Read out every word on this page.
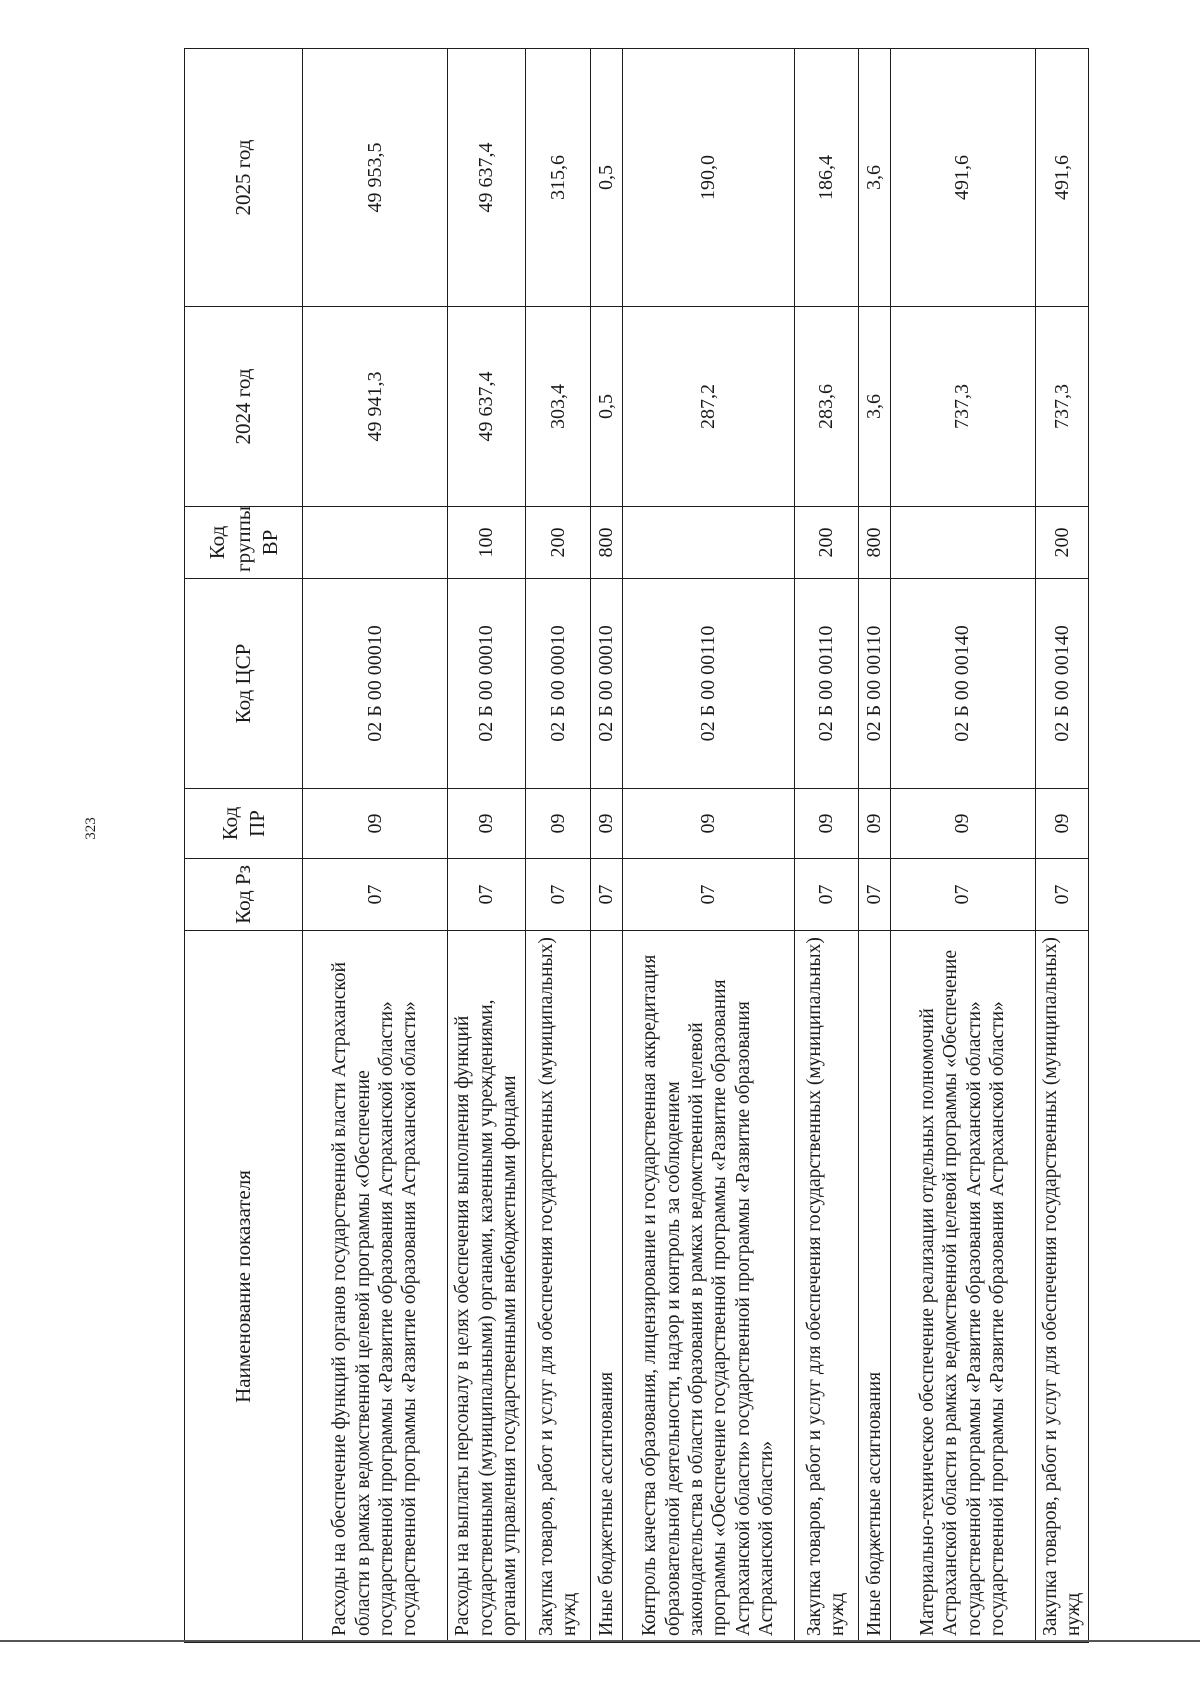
323
Наименование показателя	Код Рз	Код ПР	Код ЦСР	Код группы ВР	2024 год	2025 год
Расходы на обеспечение функций органов государственной власти Астраханской области в рамках ведомственной целевой программы «Обеспечение государственной программы «Развитие образования Астраханской области» государственной программы «Развитие образования Астраханской области»	07	09	02 Б 00 00010		49 941,3	49 953,5
Расходы на выплаты персоналу в целях обеспечения выполнения функций государственными (муниципальными) органами, казенными учреждениями, органами управления государственными внебюджетными фондами	07	09	02 Б 00 00010	100	49 637,4	49 637,4
Закупка товаров, работ и услуг для обеспечения государственных (муниципальных) нужд	07	09	02 Б 00 00010	200	303,4	315,6
Иные бюджетные ассигнования	07	09	02 Б 00 00010	800	0,5	0,5
Контроль качества образования, лицензирование и государственная аккредитация образовательной деятельности, надзор и контроль за соблюдением законодательства в области образования в рамках ведомственной целевой программы «Обеспечение государственной программы «Развитие образования Астраханской области» государственной программы «Развитие образования Астраханской области»	07	09	02 Б 00 00110		287,2	190,0
Закупка товаров, работ и услуг для обеспечения государственных (муниципальных) нужд	07	09	02 Б 00 00110	200	283,6	186,4
Иные бюджетные ассигнования	07	09	02 Б 00 00110	800	3,6	3,6
Материально-техническое обеспечение реализации отдельных полномочий Астраханской области в рамках ведомственной целевой программы «Обеспечение государственной программы «Развитие образования Астраханской области» государственной программы «Развитие образования Астраханской области»	07	09	02 Б 00 00140		737,3	491,6
Закупка товаров, работ и услуг для обеспечения государственных (муниципальных) нужд	07	09	02 Б 00 00140	200	737,3	491,6
